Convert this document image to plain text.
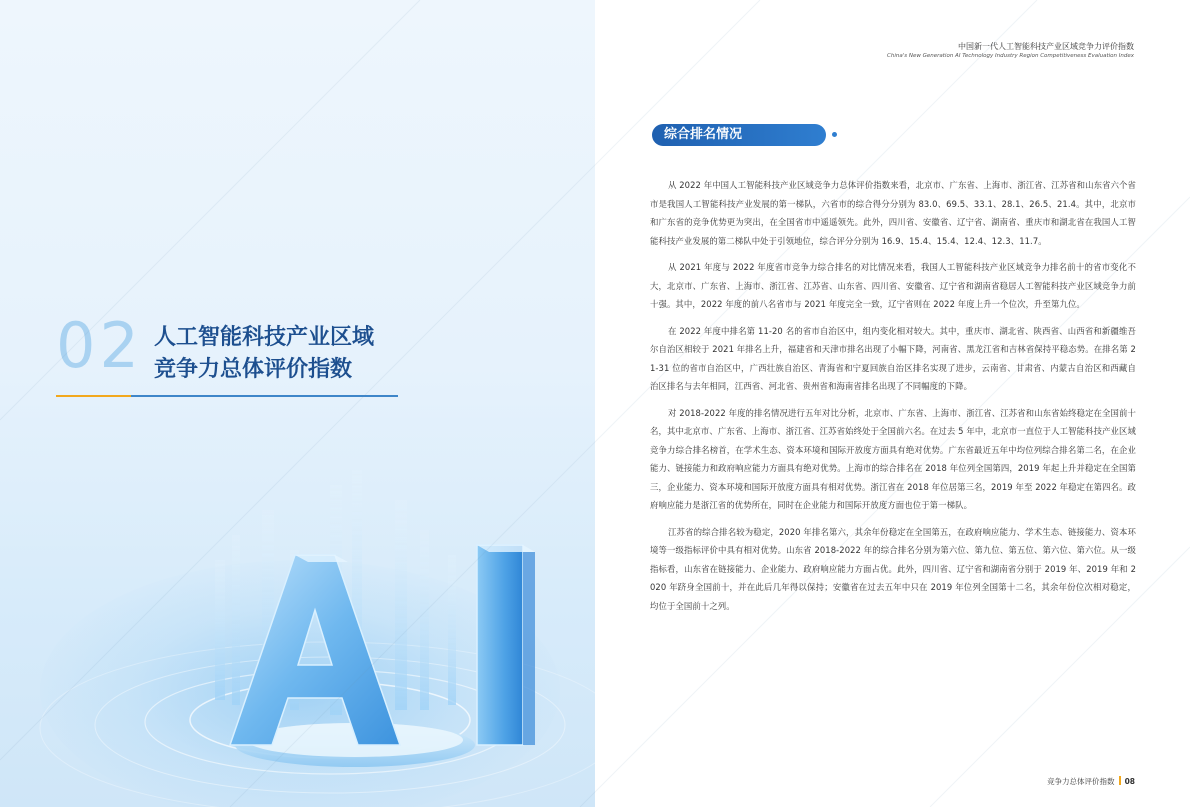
02 人工智能科技产业区域
竞争力总体评价指数
中国新一代人工智能科技产业区域竞争力评价指数
China's New Generation AI Technology Industry Region Competitiveness Evaluation Index
综合排名情况

从 2022 年中国人工智能科技产业区域竞争力总体评价指数来看，北京市、广东省、上海市、浙江省、江苏省和山东省六个省市是我国人工智能科技产业发展的第一梯队，六省市的综合得分分别为 83.0、69.5、33.1、28.1、26.5、21.4。其中，北京市和广东省的竞争优势更为突出，在全国省市中遥遥领先。此外，四川省、安徽省、辽宁省、湖南省、重庆市和湖北省在我国人工智能科技产业发展的第二梯队中处于引领地位，综合评分分别为 16.9、15.4、15.4、12.4、12.3、11.7。

从 2021 年度与 2022 年度省市竞争力综合排名的对比情况来看，我国人工智能科技产业区域竞争力排名前十的省市变化不大，北京市、广东省、上海市、浙江省、江苏省、山东省、四川省、安徽省、辽宁省和湖南省稳居人工智能科技产业区域竞争力前十强。其中，2022 年度的前八名省市与 2021 年度完全一致，辽宁省则在 2022 年度上升一个位次，升至第九位。

在 2022 年度中排名第 11-20 名的省市自治区中，组内变化相对较大。其中，重庆市、湖北省、陕西省、山西省和新疆维吾尔自治区相较于 2021 年排名上升，福建省和天津市排名出现了小幅下降，河南省、黑龙江省和吉林省保持平稳态势。在排名第 21-31 位的省市自治区中，广西壮族自治区、青海省和宁夏回族自治区排名实现了进步，云南省、甘肃省、内蒙古自治区和西藏自治区排名与去年相同，江西省、河北省、贵州省和海南省排名出现了不同幅度的下降。

对 2018-2022 年度的排名情况进行五年对比分析，北京市、广东省、上海市、浙江省、江苏省和山东省始终稳定在全国前十名，其中北京市、广东省、上海市、浙江省、江苏省始终处于全国前六名。在过去 5 年中，北京市一直位于人工智能科技产业区域竞争力综合排名榜首，在学术生态、资本环境和国际开放度方面具有绝对优势。广东省最近五年中均位列综合排名第二名，在企业能力、链接能力和政府响应能力方面具有绝对优势。上海市的综合排名在 2018 年位列全国第四，2019 年起上升并稳定在全国第三，企业能力、资本环境和国际开放度方面具有相对优势。浙江省在 2018 年位居第三名，2019 年至 2022 年稳定在第四名。政府响应能力是浙江省的优势所在，同时在企业能力和国际开放度方面也位于第一梯队。

江苏省的综合排名较为稳定，2020 年排名第六，其余年份稳定在全国第五，在政府响应能力、学术生态、链接能力、资本环境等一级指标评价中具有相对优势。山东省 2018-2022 年的综合排名分别为第六位、第九位、第五位、第六位、第六位。从一级指标看，山东省在链接能力、企业能力、政府响应能力方面占优。此外，四川省、辽宁省和湖南省分别于 2019 年、2019 年和 2020 年跻身全国前十，并在此后几年得以保持；安徽省在过去五年中只在 2019 年位列全国第十二名，其余年份位次相对稳定，均位于全国前十之列。

竞争力总体评价指数 08
